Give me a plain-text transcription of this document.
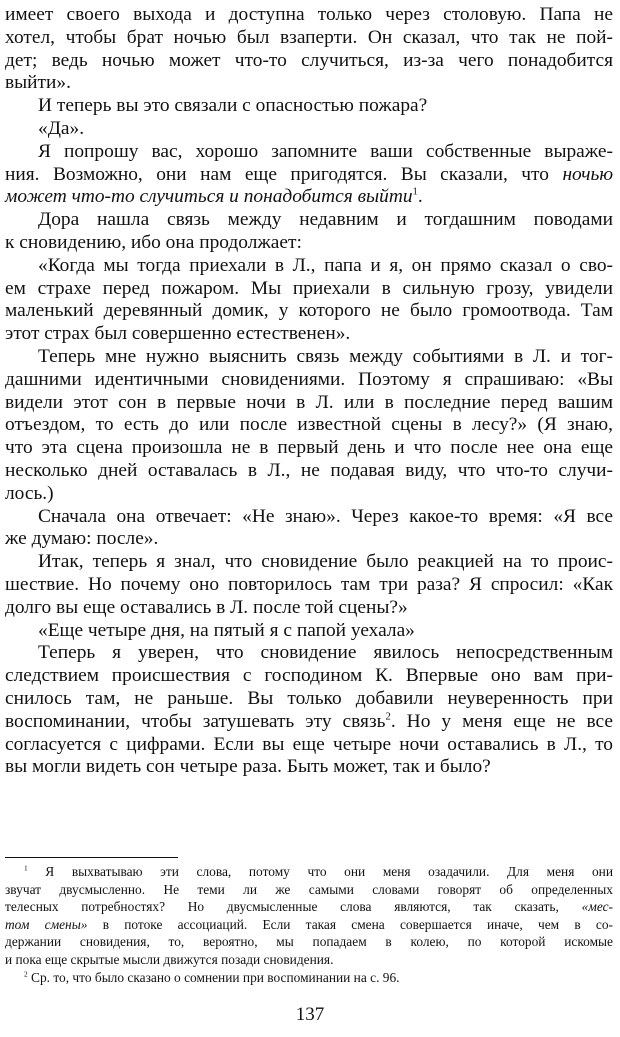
имеет своего выхода и доступна только через столовую. Папа не
хотел, чтобы брат ночью был взаперти. Он сказал, что так не пой-
дет; ведь ночью может что-то случиться, из-за чего понадобится
выйти».
И теперь вы это связали с опасностью пожара?
«Да».
Я попрошу вас, хорошо запомните ваши собственные выраже-
ния. Возможно, они нам еще пригодятся. Вы сказали, что ночью
может что-то случиться и понадобится выйти$^1$.
Дора нашла связь между недавним и тогдашним поводами
к сновидению, ибо она продолжает:
«Когда мы тогда приехали в Л., папа и я, он прямо сказал о сво-
ем страхе перед пожаром. Мы приехали в сильную грозу, увидели
маленький деревянный домик, у которого не было громоотвода. Там
этот страх был совершенно естественен».
Теперь мне нужно выяснить связь между событиями в Л. и тог-
дашними идентичными сновидениями. Поэтому я спрашиваю: «Вы
видели этот сон в первые ночи в Л. или в последние перед вашим
отъездом, то есть до или после известной сцены в лесу?» (Я знаю,
что эта сцена произошла не в первый день и что после нее она еще
несколько дней оставалась в Л., не подавая виду, что что-то случи-
лось.)
Сначала она отвечает: «Не знаю». Через какое-то время: «Я все
же думаю: после».
Итак, теперь я знал, что сновидение было реакцией на то проис-
шествие. Но почему оно повторилось там три раза? Я спросил: «Как
долго вы еще оставались в Л. после той сцены?»
«Еще четыре дня, на пятый я с папой уехала»
Теперь я уверен, что сновидение явилось непосредственным
следствием происшествия с господином К. Впервые оно вам при-
снилось там, не раньше. Вы только добавили неуверенность при
воспоминании, чтобы затушевать эту связь$^2$. Но у меня еще не все
согласуется с цифрами. Если вы еще четыре ночи оставались в Л., то
вы могли видеть сон четыре раза. Быть может, так и было?
$^1$ Я выхватываю эти слова, потому что они меня озадачили. Для меня они
звучат двусмысленно. Не теми ли же самыми словами говорят об определенных
телесных потребностях? Но двусмысленные слова являются, так сказать, «мес-
том смены» в потоке ассоциаций. Если такая смена совершается иначе, чем в со-
держании сновидения, то, вероятно, мы попадаем в колею, по которой искомые
и пока еще скрытые мысли движутся позади сновидения.
$^2$ Ср. то, что было сказано о сомнении при воспоминании на с. 96.
137
